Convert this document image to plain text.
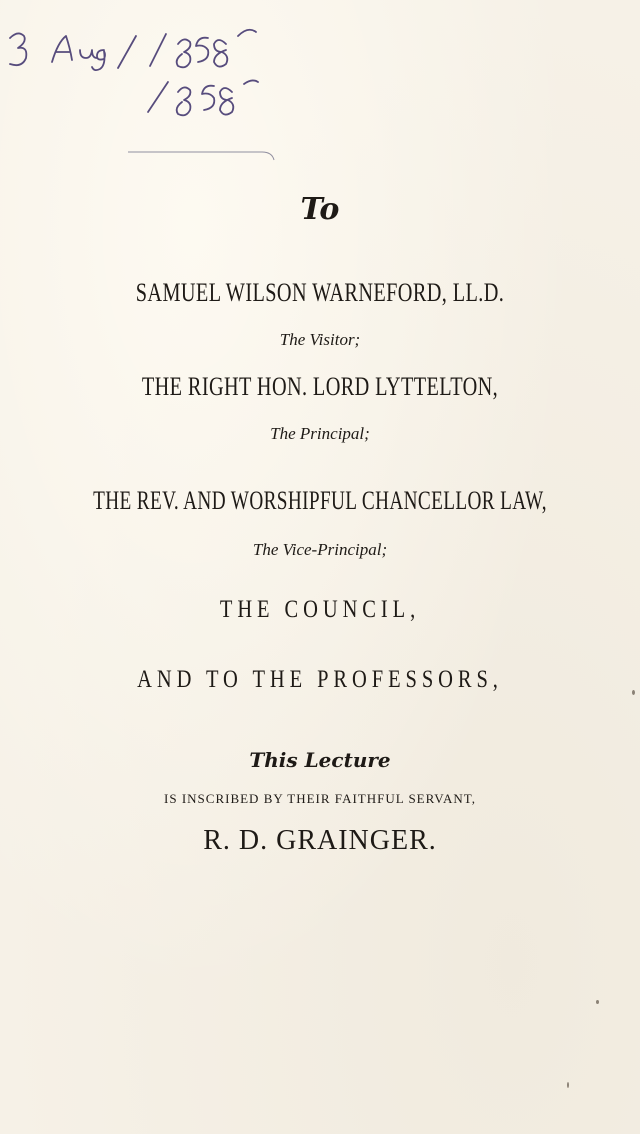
To
SAMUEL WILSON WARNEFORD, LL.D.
The Visitor;
THE RIGHT HON. LORD LYTTELTON,
The Principal;
THE REV. AND WORSHIPFUL CHANCELLOR LAW,
The Vice-Principal;
THE COUNCIL,
AND TO THE PROFESSORS,
This Lecture
IS INSCRIBED BY THEIR FAITHFUL SERVANT,
R. D. GRAINGER.
